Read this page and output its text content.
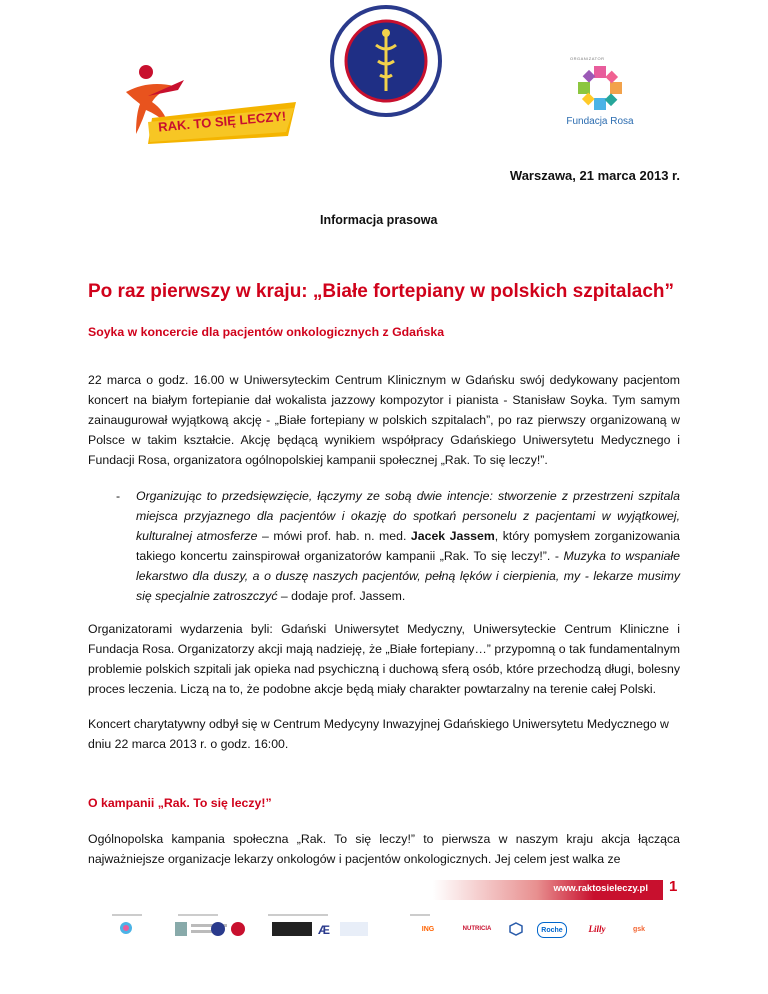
RAK. TO SIĘ LECZY!
ORGANIZATOR
Fundacja Rosa
Warszawa, 21 marca 2013 r.
Informacja prasowa
Po raz pierwszy w kraju: „Białe fortepiany w polskich szpitalach”
Soyka w koncercie dla pacjentów onkologicznych z Gdańska
22 marca o godz. 16.00 w Uniwersyteckim Centrum Klinicznym w Gdańsku swój dedykowany pacjentom koncert na białym fortepianie dał wokalista jazzowy kompozytor i pianista - Stanisław Soyka. Tym samym zainaugurował wyjątkową akcję - „Białe fortepiany w polskich szpitalach”, po raz pierwszy organizowaną w Polsce w takim kształcie. Akcję będącą wynikiem współpracy Gdańskiego Uniwersytetu Medycznego i Fundacji Rosa, organizatora ogólnopolskiej kampanii społecznej „Rak. To się leczy!”.
- Organizując to przedsięwzięcie, łączymy ze sobą dwie intencje: stworzenie z przestrzeni szpitala miejsca przyjaznego dla pacjentów i okazję do spotkań personelu z pacjentami w wyjątkowej, kulturalnej atmosferze – mówi prof. hab. n. med. Jacek Jassem, który pomysłem zorganizowania takiego koncertu zainspirował organizatorów kampanii „Rak. To się leczy!”. - Muzyka to wspaniałe lekarstwo dla duszy, a o duszę naszych pacjentów, pełną lęków i cierpienia, my - lekarze musimy się specjalnie zatroszczyć – dodaje prof. Jassem.
Organizatorami wydarzenia byli: Gdański Uniwersytet Medyczny, Uniwersyteckie Centrum Kliniczne i Fundacja Rosa. Organizatorzy akcji mają nadzieję, że „Białe fortepiany…” przypomną o tak fundamentalnym problemie polskich szpitali jak opieka nad psychiczną i duchową sferą osób, które przechodzą długi, bolesny proces leczenia. Liczą na to, że podobne akcje będą miały charakter powtarzalny na terenie całej Polski.
Koncert charytatywny odbył się w Centrum Medycyny Inwazyjnej Gdańskiego Uniwersytetu Medycznego w dniu 22 marca 2013 r. o godz. 16:00.
O kampanii „Rak. To się leczy!”
Ogólnopolska kampania społeczna „Rak. To się leczy!” to pierwsza w naszym kraju akcja łącząca najważniejsze organizacje lekarzy onkologów i pacjentów onkologicznych. Jej celem jest walka ze
www.raktosieleczy.pl 1
Æ	ING	NUTRICIA	Roche	Lilly	gsk
